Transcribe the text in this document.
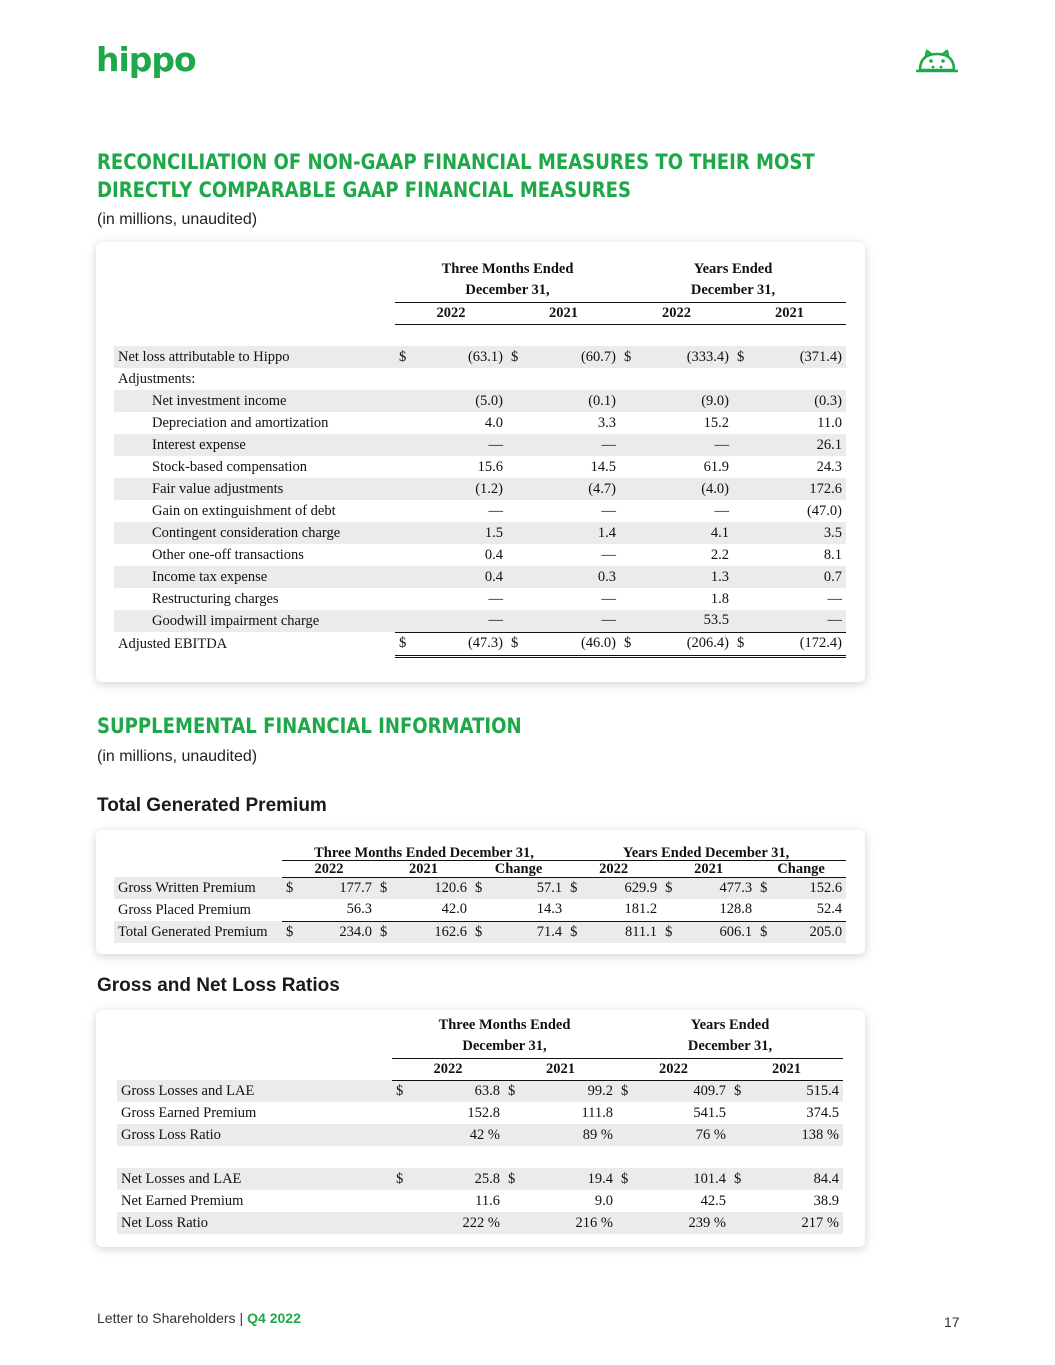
hippo
RECONCILIATION OF NON-GAAP FINANCIAL MEASURES TO THEIR MOST
DIRECTLY COMPARABLE GAAP FINANCIAL MEASURES
(in millions, unaudited)
	Three Months Ended				Years Ended			
	December 31,				December 31,			
	2022		2021		2022		2021	

Net loss attributable to Hippo	$	(63.1)	$	(60.7)	$	(333.4)	$	(371.4)
Adjustments:								
Net investment income		(5.0)		(0.1)		(9.0)		(0.3)
Depreciation and amortization		4.0		3.3		15.2		11.0
Interest expense		—		—		—		26.1
Stock-based compensation		15.6		14.5		61.9		24.3
Fair value adjustments		(1.2)		(4.7)		(4.0)		172.6
Gain on extinguishment of debt		—		—		—		(47.0)
Contingent consideration charge		1.5		1.4		4.1		3.5
Other one-off transactions		0.4		—		2.2		8.1
Income tax expense		0.4		0.3		1.3		0.7
Restructuring charges		—		—		1.8		—
Goodwill impairment charge		—		—		53.5		—
Adjusted EBITDA	$	(47.3)	$	(46.0)	$	(206.4)	$	(172.4)
SUPPLEMENTAL FINANCIAL INFORMATION
(in millions, unaudited)
Total Generated Premium
	Three Months Ended December 31,						Years Ended December 31,					
	2022		2021		Change		2022		2021		Change	
Gross Written Premium	$	177.7	$	120.6	$	57.1	$	629.9	$	477.3	$	152.6
Gross Placed Premium		56.3		42.0		14.3		181.2		128.8		52.4
Total Generated Premium	$	234.0	$	162.6	$	71.4	$	811.1	$	606.1	$	205.0
Gross and Net Loss Ratios
	Three Months Ended				Years Ended			
	December 31,				December 31,			
	2022		2021		2022		2021	
Gross Losses and LAE	$	63.8	$	99.2	$	409.7	$	515.4
Gross Earned Premium		152.8		111.8		541.5		374.5
Gross Loss Ratio		42 %		89 %		76 %		138 %

Net Losses and LAE	$	25.8	$	19.4	$	101.4	$	84.4
Net Earned Premium		11.6		9.0		42.5		38.9
Net Loss Ratio		222 %		216 %		239 %		217 %
Letter to Shareholders | Q4 2022	17
